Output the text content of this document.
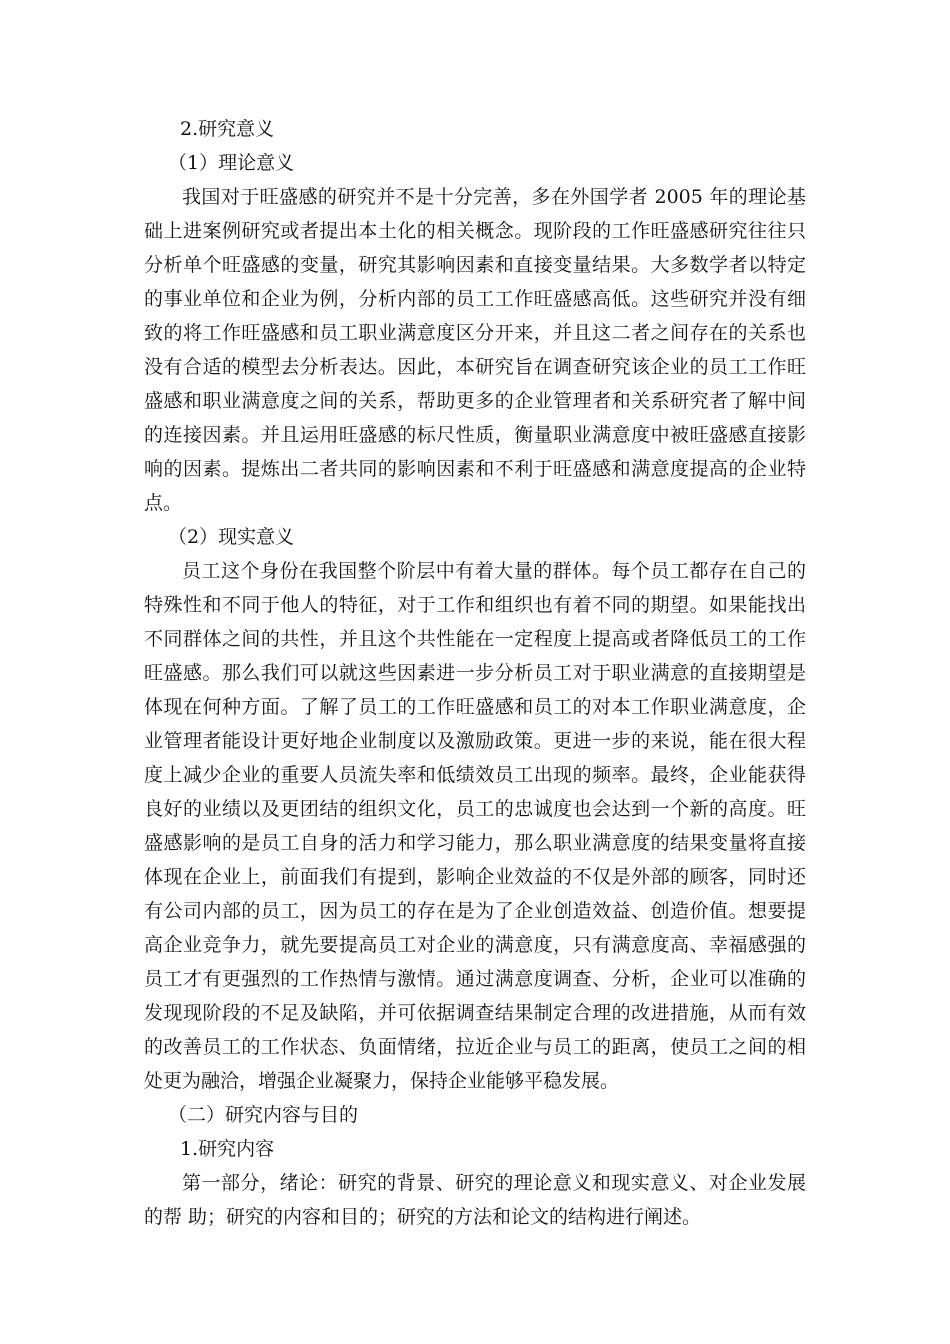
2.研究意义

（1）理论意义

我国对于旺盛感的研究并不是十分完善，多在外国学者 2005 年的理论基础上进案例研究或者提出本土化的相关概念。现阶段的工作旺盛感研究往往只分析单个旺盛感的变量，研究其影响因素和直接变量结果。大多数学者以特定的事业单位和企业为例，分析内部的员工工作旺盛感高低。这些研究并没有细致的将工作旺盛感和员工职业满意度区分开来，并且这二者之间存在的关系也没有合适的模型去分析表达。因此，本研究旨在调查研究该企业的员工工作旺盛感和职业满意度之间的关系，帮助更多的企业管理者和关系研究者了解中间的连接因素。并且运用旺盛感的标尺性质，衡量职业满意度中被旺盛感直接影响的因素。提炼出二者共同的影响因素和不利于旺盛感和满意度提高的企业特点。

（2）现实意义

员工这个身份在我国整个阶层中有着大量的群体。每个员工都存在自己的特殊性和不同于他人的特征，对于工作和组织也有着不同的期望。如果能找出不同群体之间的共性，并且这个共性能在一定程度上提高或者降低员工的工作旺盛感。那么我们可以就这些因素进一步分析员工对于职业满意的直接期望是体现在何种方面。了解了员工的工作旺盛感和员工的对本工作职业满意度，企业管理者能设计更好地企业制度以及激励政策。更进一步的来说，能在很大程度上减少企业的重要人员流失率和低绩效员工出现的频率。最终，企业能获得良好的业绩以及更团结的组织文化，员工的忠诚度也会达到一个新的高度。旺盛感影响的是员工自身的活力和学习能力，那么职业满意度的结果变量将直接体现在企业上，前面我们有提到，影响企业效益的不仅是外部的顾客，同时还有公司内部的员工，因为员工的存在是为了企业创造效益、创造价值。想要提高企业竞争力，就先要提高员工对企业的满意度，只有满意度高、幸福感强的员工才有更强烈的工作热情与激情。通过满意度调查、分析，企业可以准确的发现现阶段的不足及缺陷，并可依据调查结果制定合理的改进措施，从而有效的改善员工的工作状态、负面情绪，拉近企业与员工的距离，使员工之间的相处更为融洽，增强企业凝聚力，保持企业能够平稳发展。

（二）研究内容与目的

1.研究内容

第一部分，绪论：研究的背景、研究的理论意义和现实意义、对企业发展的帮 助；研究的内容和目的；研究的方法和论文的结构进行阐述。
